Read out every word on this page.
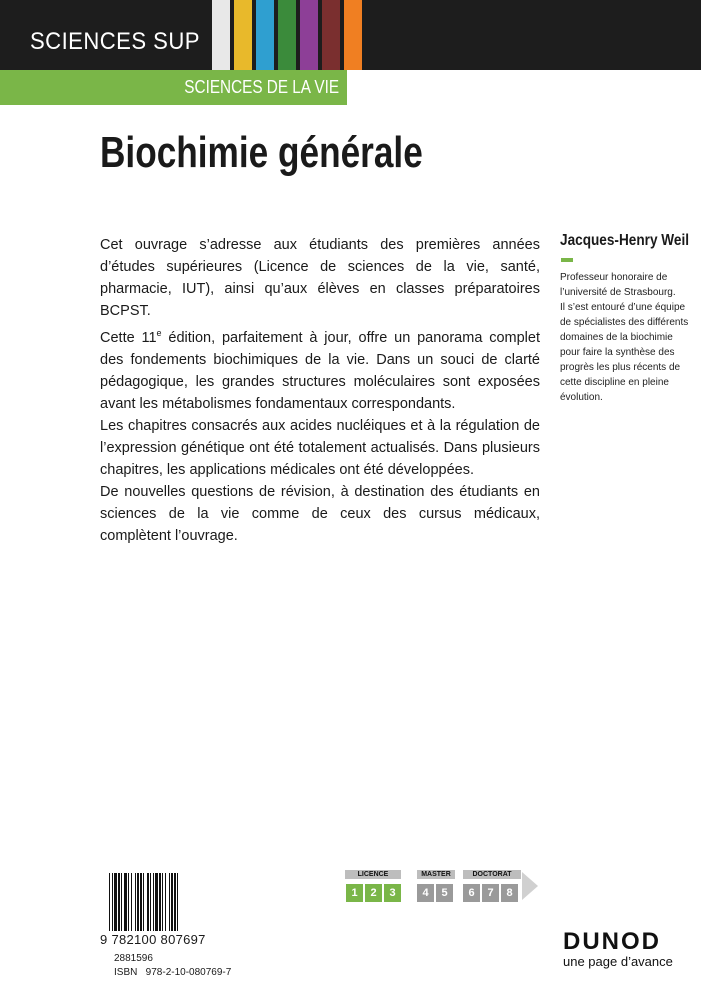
SCIENCES SUP
SCIENCES DE LA VIE
Biochimie générale

Cet ouvrage s’adresse aux étudiants des premières années d’études supérieures (Licence de sciences de la vie, santé, pharmacie, IUT), ainsi qu’aux élèves en classes préparatoires BCPST.

Cette 11e édition, parfaitement à jour, offre un panorama complet des fondements biochimiques de la vie. Dans un souci de clarté pédagogique, les grandes structures moléculaires sont exposées avant les métabolismes fondamentaux correspondants.

Les chapitres consacrés aux acides nucléiques et à la régulation de l’expression génétique ont été totalement actualisés. Dans plusieurs chapitres, les applications médicales ont été développées.

De nouvelles questions de révision, à destination des étudiants en sciences de la vie comme de ceux des cursus médicaux, complètent l’ouvrage.

Jacques-Henry Weil
Professeur honoraire de
l’université de Strasbourg.
Il s’est entouré d’une équipe
de spécialistes des différents
domaines de la biochimie
pour faire la synthèse des
progrès les plus récents de
cette discipline en pleine
évolution.
9 782100 807697
2881596
ISBN   978-2-10-080769-7
LICENCE	MASTER	DOCTORAT
1	2	3	4	5	6	7	8
DUNOD
une page d’avance
